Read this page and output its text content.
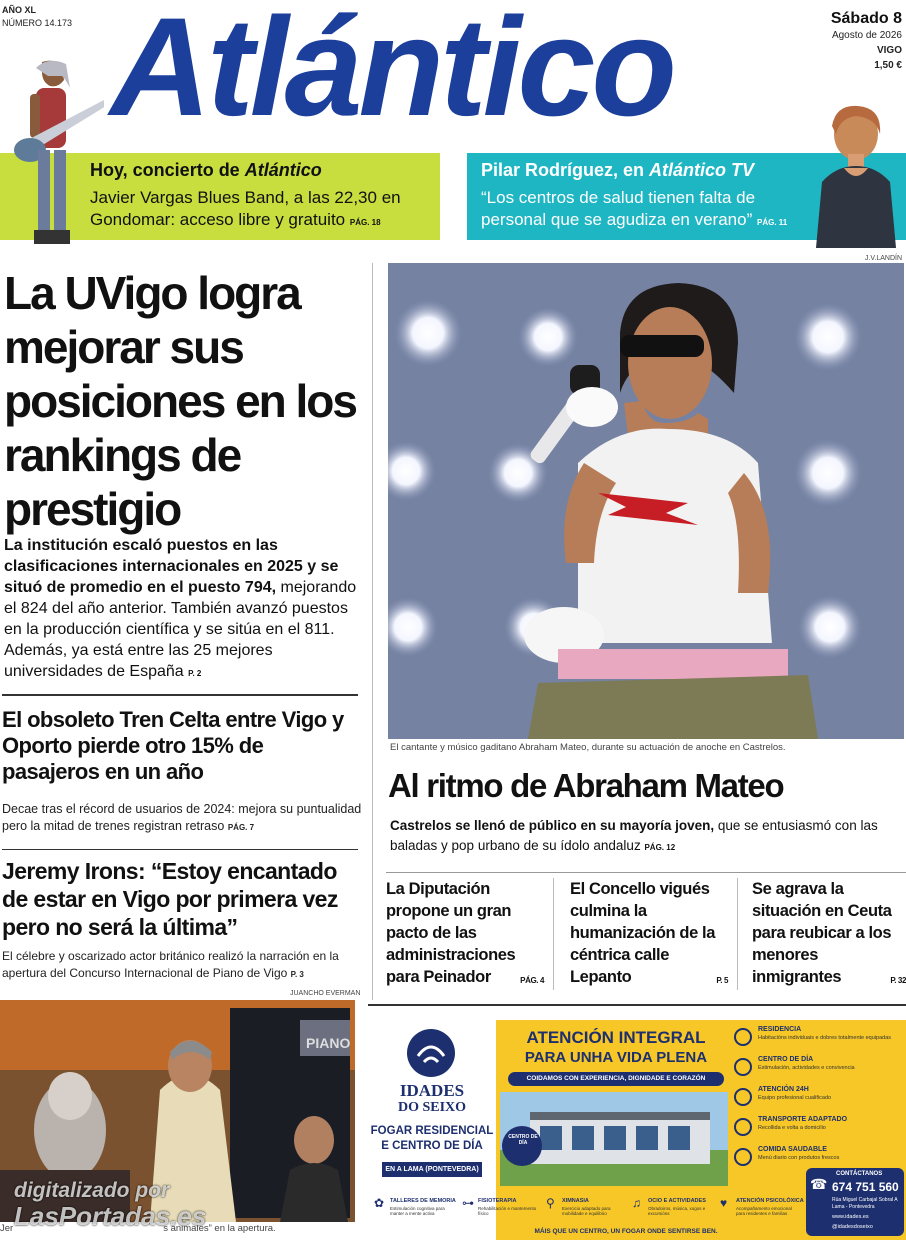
AÑO XL
NÚMERO 14.173 Atlántico	Sábado 8
Agosto de 2026
VIGO
1,50 €
Hoy, concierto de Atlántico
Javier Vargas Blues Band, a las 22,30 en Gondomar: acceso libre y gratuito PÁG. 18
Pilar Rodríguez, en Atlántico TV
“Los centros de salud tienen falta de personal que se agudiza en verano” PÁG. 11
La UVigo logra mejorar sus posiciones en los rankings de prestigio
La institución escaló puestos en las clasificaciones internacionales en 2025 y se situó de promedio en el puesto 794, mejorando el 824 del año anterior. También avanzó puestos en la producción científica y se sitúa en el 811. Además, ya está entre las 25 mejores universidades de España P. 2
El obsoleto Tren Celta entre Vigo y Oporto pierde otro 15% de pasajeros en un año
Decae tras el récord de usuarios de 2024: mejora su puntualidad pero la mitad de trenes registran retraso PÁG. 7
Jeremy Irons: “Estoy encantado de estar en Vigo por primera vez pero no será la última”
El célebre y oscarizado actor británico realizó la narración en la apertura del Concurso Internacional de Piano de Vigo P. 3
JUANCHO EVERMAN
PIANO
Jer	s animales” en la apertura.
digitalizado por
LasPortadas.es
J.V.LANDÍN
El cantante y músico gaditano Abraham Mateo, durante su actuación de anoche en Castrelos.
Al ritmo de Abraham Mateo
Castrelos se llenó de público en su mayoría joven, que se entusiasmó con las baladas y pop urbano de su ídolo andaluz PÁG. 12
La Diputación propone un gran pacto de las administraciones para Peinador	PÁG. 4
El Concello vigués culmina la humanización de la céntrica calle Lepanto	P. 5
Se agrava la situación en Ceuta para reubicar a los menores inmigrantes	P. 32
IDADES
DO SEIXO
FOGAR RESIDENCIAL
E CENTRO DE DÍA
EN A LAMA (PONTEVEDRA)
ATENCIÓN INTEGRAL
PARA UNHA VIDA PLENA
COIDAMOS CON EXPERIENCIA, DIGNIDADE E CORAZÓN
CENTRO DE DÍA
RESIDENCIA
Habitacións individuais e dobres totalmente equipadas
CENTRO DE DÍA
Estimulación, actividades e convivencia
ATENCIÓN 24H
Equipo profesional cualificado
TRANSPORTE ADAPTADO
Recollida e volta a domicilio
COMIDA SAUDABLE
Menú diario con produtos frescos
CONTÁCTANOS
☎ 674 751 560
Rúa Miguel Carbajal Sobral A Lama - Pontevedra
www.idades.es
@idadesdoseixo
✿ TALLERES DE MEMORIA
Estimulación cognitiva para manter a mente activa
⊶ FISIOTERAPIA
Rehabilitación e mantemento físico
⚲ XIMNASIA
Exercicio adaptado para mobilidade e equilibrio
♫ OCIO E ACTIVIDADES
Obradoiros, música, xogos e excursións
♥ ATENCIÓN PSICOLÓXICA
Acompañamento emocional para residentes e familias
MÁIS QUE UN CENTRO, UN FOGAR ONDE SENTIRSE BEN.
